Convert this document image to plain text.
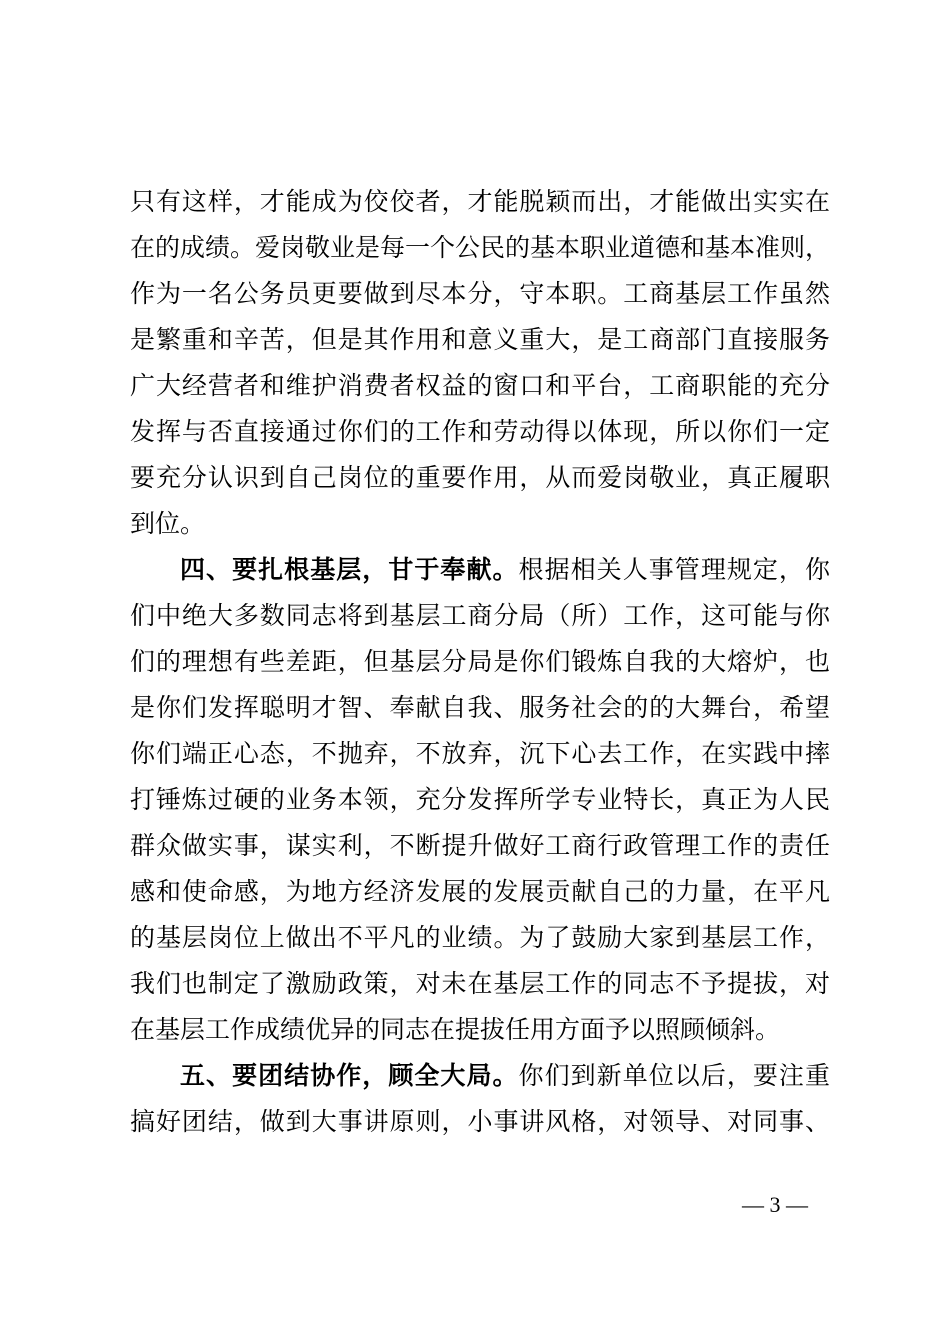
只有这样，才能成为佼佼者，才能脱颖而出，才能做出实实在
在的成绩。爱岗敬业是每一个公民的基本职业道德和基本准则，
作为一名公务员更要做到尽本分，守本职。工商基层工作虽然
是繁重和辛苦，但是其作用和意义重大，是工商部门直接服务
广大经营者和维护消费者权益的窗口和平台，工商职能的充分
发挥与否直接通过你们的工作和劳动得以体现，所以你们一定
要充分认识到自己岗位的重要作用，从而爱岗敬业，真正履职
到位。
四、要扎根基层，甘于奉献。根据相关人事管理规定，你
们中绝大多数同志将到基层工商分局（所）工作，这可能与你
们的理想有些差距，但基层分局是你们锻炼自我的大熔炉，也
是你们发挥聪明才智、奉献自我、服务社会的的大舞台，希望
你们端正心态，不抛弃，不放弃，沉下心去工作，在实践中摔
打锤炼过硬的业务本领，充分发挥所学专业特长，真正为人民
群众做实事，谋实利，不断提升做好工商行政管理工作的责任
感和使命感，为地方经济发展的发展贡献自己的力量，在平凡
的基层岗位上做出不平凡的业绩。为了鼓励大家到基层工作，
我们也制定了激励政策，对未在基层工作的同志不予提拔，对
在基层工作成绩优异的同志在提拔任用方面予以照顾倾斜。
五、要团结协作，顾全大局。你们到新单位以后，要注重
搞好团结，做到大事讲原则，小事讲风格，对领导、对同事、
— 3 —
